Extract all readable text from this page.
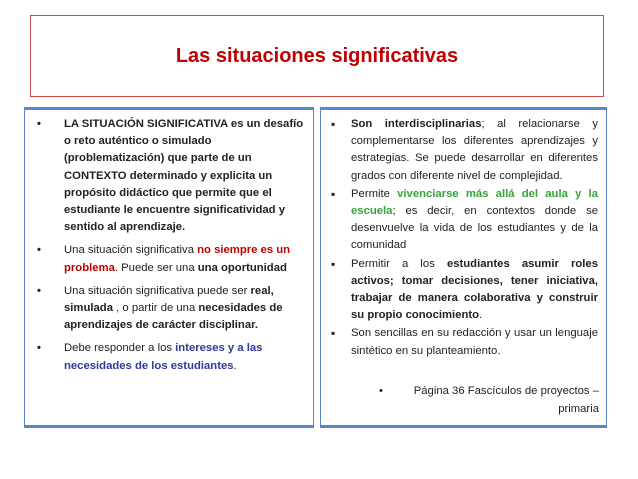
Las situaciones significativas
• LA SITUACIÓN SIGNIFICATIVA es un desafío o reto auténtico o simulado (problematización) que parte de un CONTEXTO determinado y explicita un propósito didáctico que permite que el estudiante le encuentre significatividad y sentido al aprendizaje.
• Una situación significativa no siempre es un problema. Puede ser una una oportunidad
• Una situación significativa puede ser real, simulada , o partir de una necesidades de aprendizajes de carácter disciplinar.
• Debe responder a los intereses y a las necesidades de los estudiantes.
▪ Son interdisciplinarias; al relacionarse y complementarse los diferentes aprendizajes y estrategias. Se puede desarrollar en diferentes grados con diferente nivel de complejidad.
▪ Permite vivenciarse más allá del aula y la escuela; es decir, en contextos donde se desenvuelve la vida de los estudiantes y de la comunidad
▪ Permitir a los estudiantes asumir roles activos; tomar decisiones, tener iniciativa, trabajar de manera colaborativa y construir su propio conocimiento.
▪ Son sencillas en su redacción y usar un lenguaje sintético en su planteamiento.
•	Página 36 Fascículos de proyectos – primaria
